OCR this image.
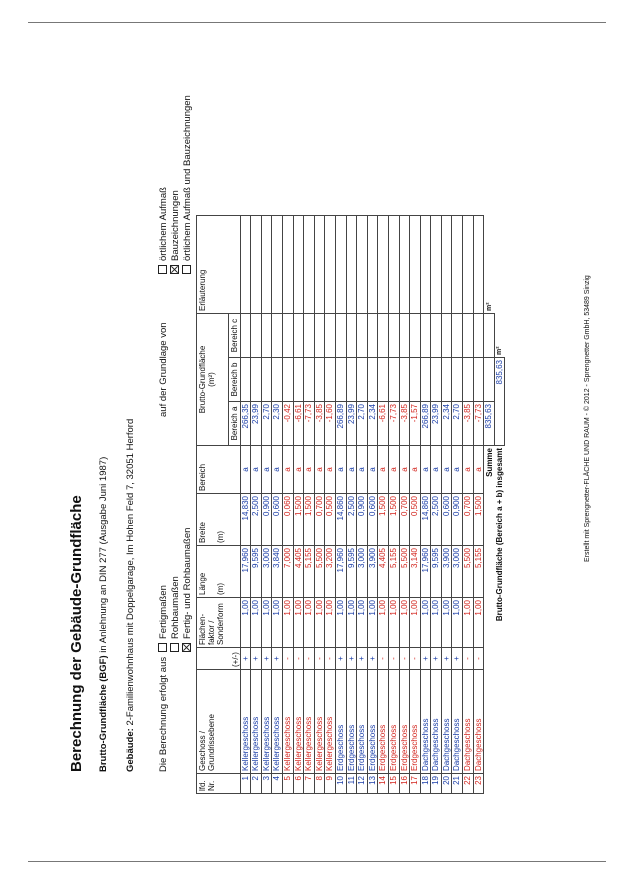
Berechnung der Gebäude-Grundfläche Brutto-Grundfläche (BGF) in Anlehnung an DIN 277 (Ausgabe Juni 1987)
Gebäude: 2-Familienwohnhaus mit Doppelgarage, Im Hohen Feld 7, 32051 Herford Die Berechnung erfolgt aus
Fertigmaßen Rohbaumaßen Fertig- und Rohbaumaßen
auf der Grundlage von
örtlichem Aufmaß Bauzeichnungen örtlichem Aufmaß und Bauzeichnungen
lfd.
Nr.	Geschoss /
Grundrissebene	(+/-)	Flächen-
faktor /
Sonderform	Länge (m)	Breite (m)	Bereich	Brutto-Grundfläche
(m²)			Erläuterung
							Bereich a	Bereich b	Bereich c	
1	Kellergeschoss	+	1,00	17,960	14,830	a	266,35			
2	Kellergeschoss	+	1,00	9,595	2,500	a	23,99			
3	Kellergeschoss	+	1,00	3,000	0,900	a	2,70			
4	Kellergeschoss	+	1,00	3,840	0,600	a	2,30			
5	Kellergeschoss	-	1,00	7,000	0,060	a	-0,42			
6	Kellergeschoss	-	1,00	4,405	1,500	a	-6,61			
7	Kellergeschoss	-	1,00	5,155	1,500	a	-7,73			
8	Kellergeschoss	-	1,00	5,500	0,700	a	-3,85			
9	Kellergeschoss	-	1,00	3,200	0,500	a	-1,60			
10	Erdgeschoss	+	1,00	17,960	14,860	a	266,89			
11	Erdgeschoss	+	1,00	9,595	2,500	a	23,99			
12	Erdgeschoss	+	1,00	3,000	0,900	a	2,70			
13	Erdgeschoss	+	1,00	3,900	0,600	a	2,34			
14	Erdgeschoss	-	1,00	4,405	1,500	a	-6,61			
15	Erdgeschoss	-	1,00	5,155	1,500	a	-7,73			
16	Erdgeschoss	-	1,00	5,500	0,700	a	-3,85			
17	Erdgeschoss	-	1,00	3,140	0,500	a	-1,57			
18	Dachgeschoss	+	1,00	17,960	14,860	a	266,89			
19	Dachgeschoss	+	1,00	9,595	2,500	a	23,99			
20	Dachgeschoss	+	1,00	3,900	0,600	a	2,34			
21	Dachgeschoss	+	1,00	3,000	0,900	a	2,70			
22	Dachgeschoss	-	1,00	5,500	0,700	a	-3,85			
23	Dachgeschoss	-	1,00	5,155	1,500	a	-7,73			
Summe							835,63			m²
Brutto-Grundfläche (Bereich a + b) insgesamt							835,63		m²		Erstellt mit Sprengnetter-FLÄCHE UND RAUM - © 2012 - Sprengnetter GmbH, 53489 Sinzig
